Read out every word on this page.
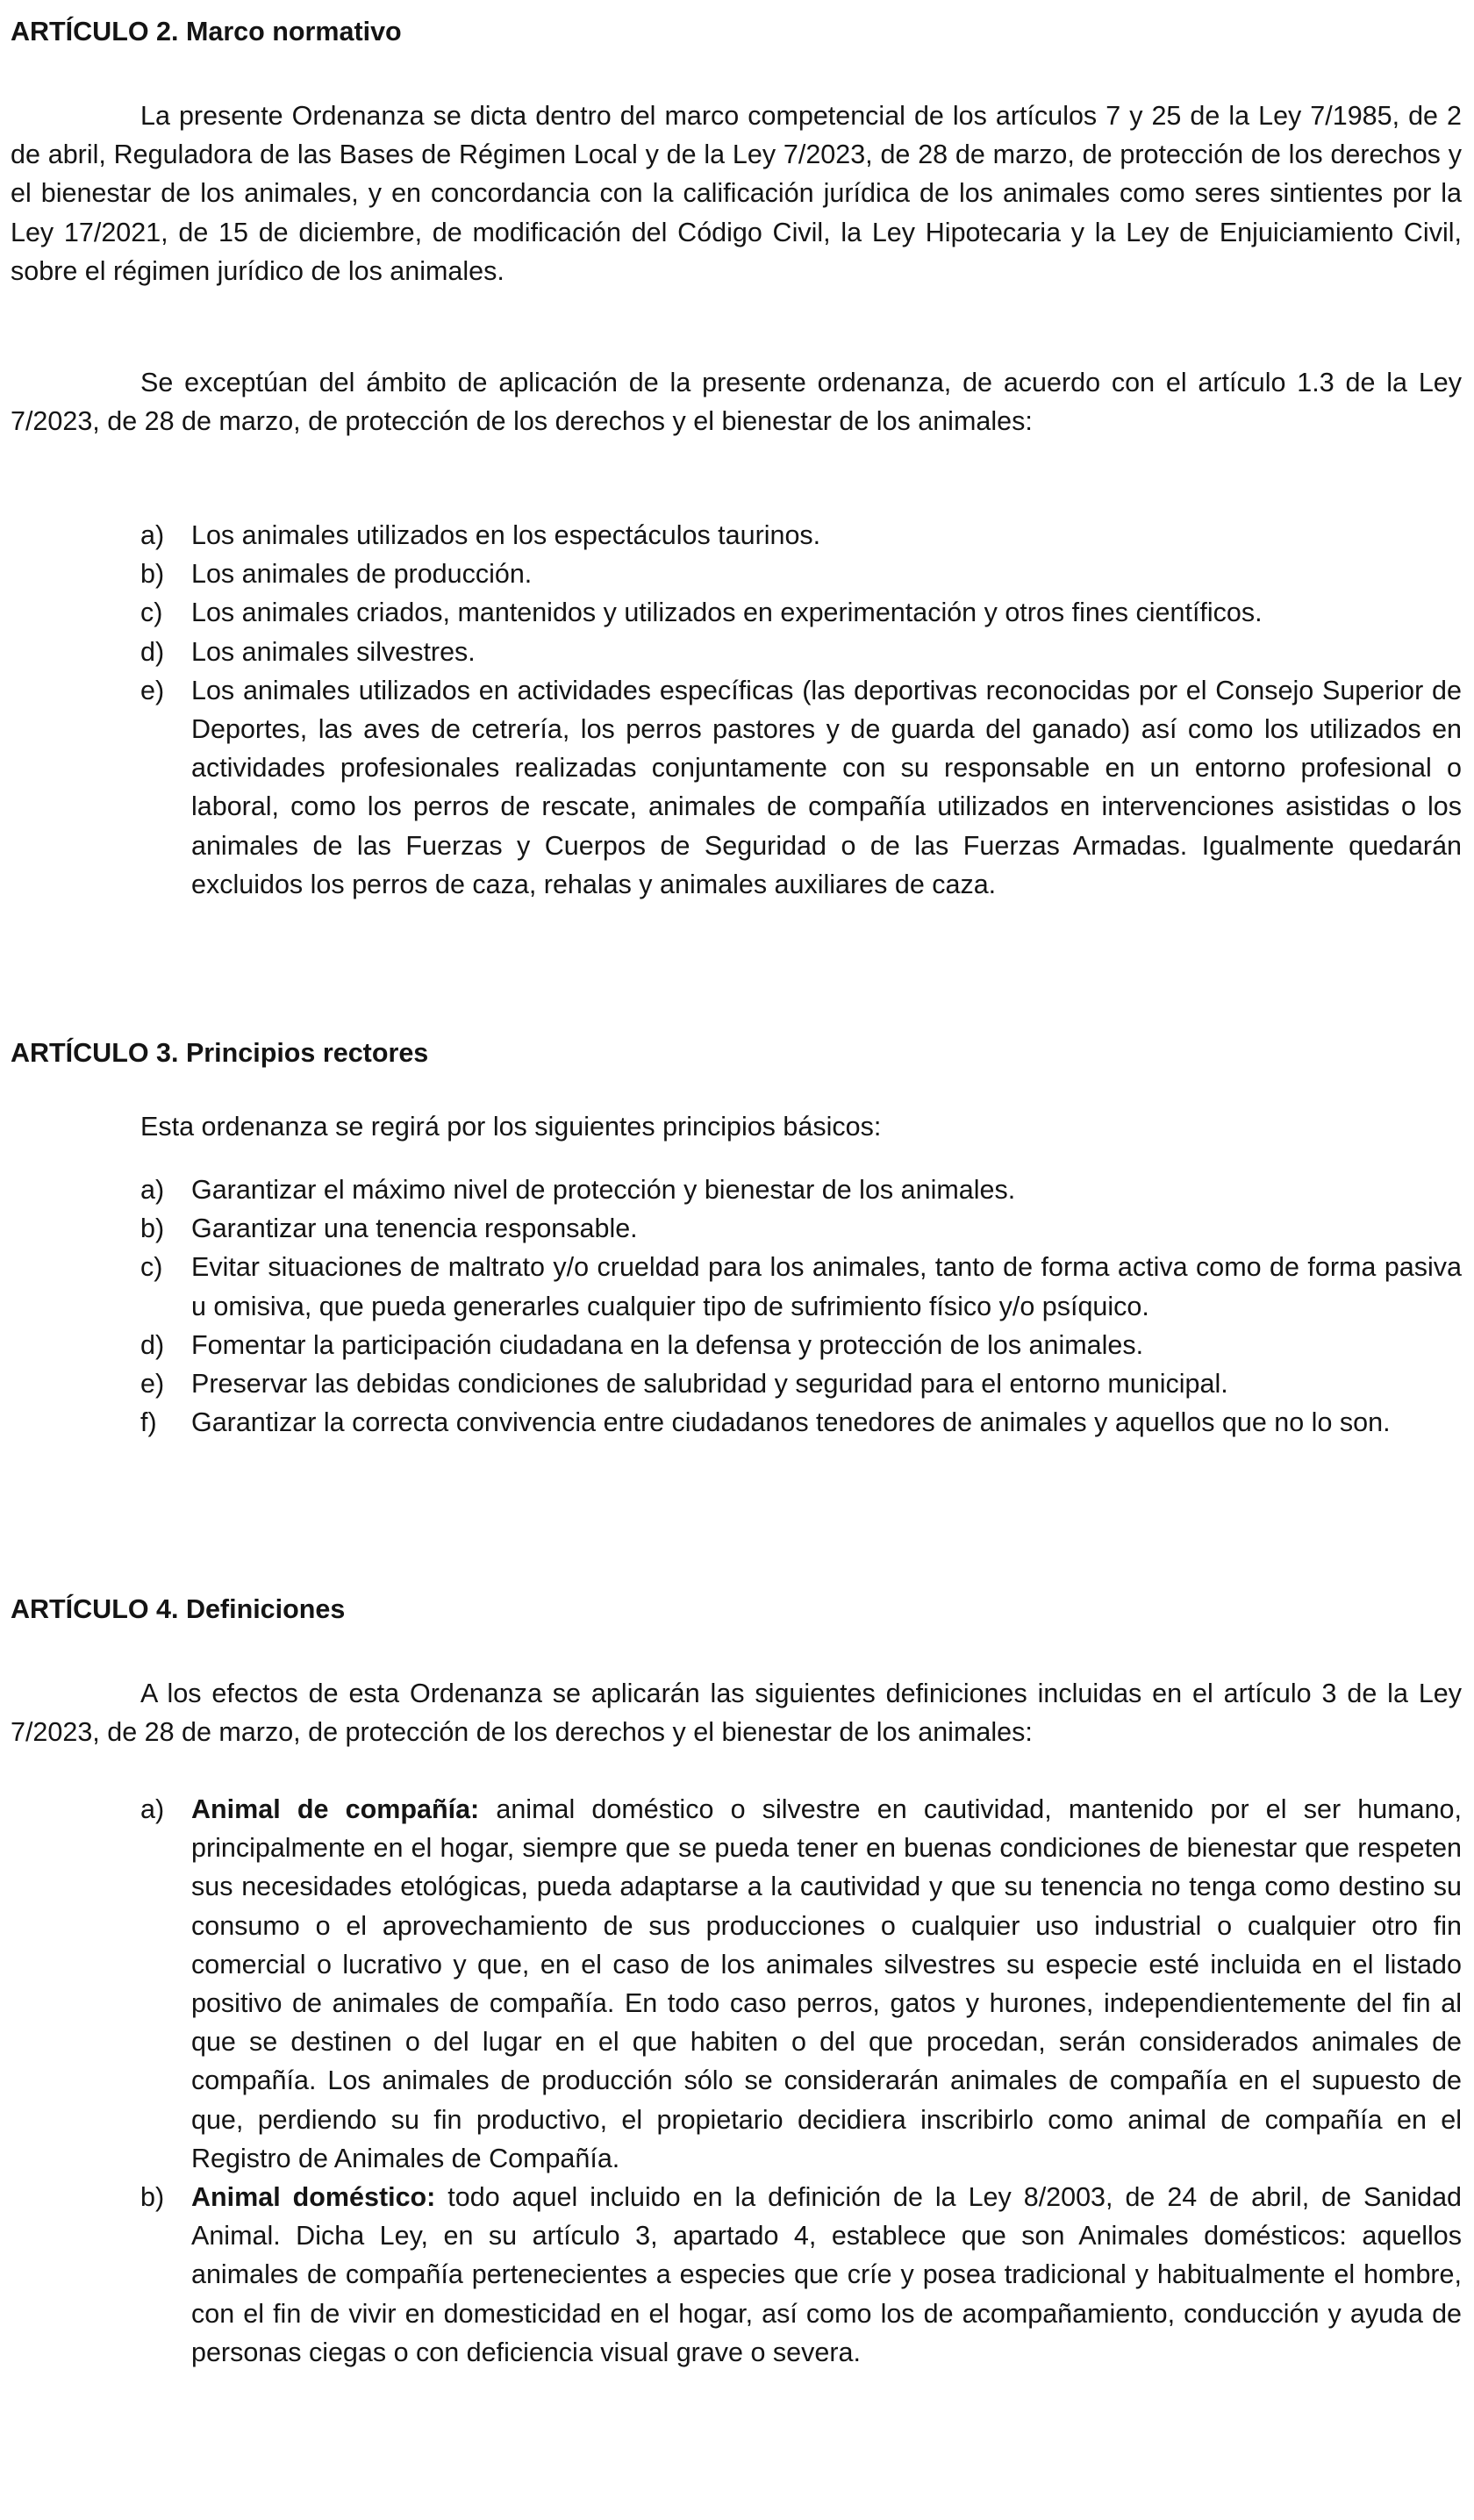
ARTÍCULO 2. Marco normativo
La presente Ordenanza se dicta dentro del marco competencial de los artículos 7 y 25 de la Ley 7/1985, de 2 de abril, Reguladora de las Bases de Régimen Local y de la Ley 7/2023, de 28 de marzo, de protección de los derechos y el bienestar de los animales, y en concordancia con la calificación jurídica de los animales como seres sintientes por la Ley 17/2021, de 15 de diciembre, de modificación del Código Civil, la Ley Hipotecaria y la Ley de Enjuiciamiento Civil, sobre el régimen jurídico de los animales.
Se exceptúan del ámbito de aplicación de la presente ordenanza, de acuerdo con el artículo 1.3 de la Ley 7/2023, de 28 de marzo, de protección de los derechos y el bienestar de los animales:
a) Los animales utilizados en los espectáculos taurinos.
b) Los animales de producción.
c) Los animales criados, mantenidos y utilizados en experimentación y otros fines científicos.
d) Los animales silvestres.
e) Los animales utilizados en actividades específicas (las deportivas reconocidas por el Consejo Superior de Deportes, las aves de cetrería, los perros pastores y de guarda del ganado) así como los utilizados en actividades profesionales realizadas conjuntamente con su responsable en un entorno profesional o laboral, como los perros de rescate, animales de compañía utilizados en intervenciones asistidas o los animales de las Fuerzas y Cuerpos de Seguridad o de las Fuerzas Armadas. Igualmente quedarán excluidos los perros de caza, rehalas y animales auxiliares de caza.
ARTÍCULO 3. Principios rectores
Esta ordenanza se regirá por los siguientes principios básicos:
a) Garantizar el máximo nivel de protección y bienestar de los animales.
b) Garantizar una tenencia responsable.
c) Evitar situaciones de maltrato y/o crueldad para los animales, tanto de forma activa como de forma pasiva u omisiva, que pueda generarles cualquier tipo de sufrimiento físico y/o psíquico.
d) Fomentar la participación ciudadana en la defensa y protección de los animales.
e) Preservar las debidas condiciones de salubridad y seguridad para el entorno municipal.
f) Garantizar la correcta convivencia entre ciudadanos tenedores de animales y aquellos que no lo son.
ARTÍCULO 4. Definiciones
A los efectos de esta Ordenanza se aplicarán las siguientes definiciones incluidas en el artículo 3 de la Ley 7/2023, de 28 de marzo, de protección de los derechos y el bienestar de los animales:
a) Animal de compañía: animal doméstico o silvestre en cautividad, mantenido por el ser humano, principalmente en el hogar, siempre que se pueda tener en buenas condiciones de bienestar que respeten sus necesidades etológicas, pueda adaptarse a la cautividad y que su tenencia no tenga como destino su consumo o el aprovechamiento de sus producciones o cualquier uso industrial o cualquier otro fin comercial o lucrativo y que, en el caso de los animales silvestres su especie esté incluida en el listado positivo de animales de compañía. En todo caso perros, gatos y hurones, independientemente del fin al que se destinen o del lugar en el que habiten o del que procedan, serán considerados animales de compañía. Los animales de producción sólo se considerarán animales de compañía en el supuesto de que, perdiendo su fin productivo, el propietario decidiera inscribirlo como animal de compañía en el Registro de Animales de Compañía.
b) Animal doméstico: todo aquel incluido en la definición de la Ley 8/2003, de 24 de abril, de Sanidad Animal. Dicha Ley, en su artículo 3, apartado 4, establece que son Animales domésticos: aquellos animales de compañía pertenecientes a especies que críe y posea tradicional y habitualmente el hombre, con el fin de vivir en domesticidad en el hogar, así como los de acompañamiento, conducción y ayuda de personas ciegas o con deficiencia visual grave o severa.
